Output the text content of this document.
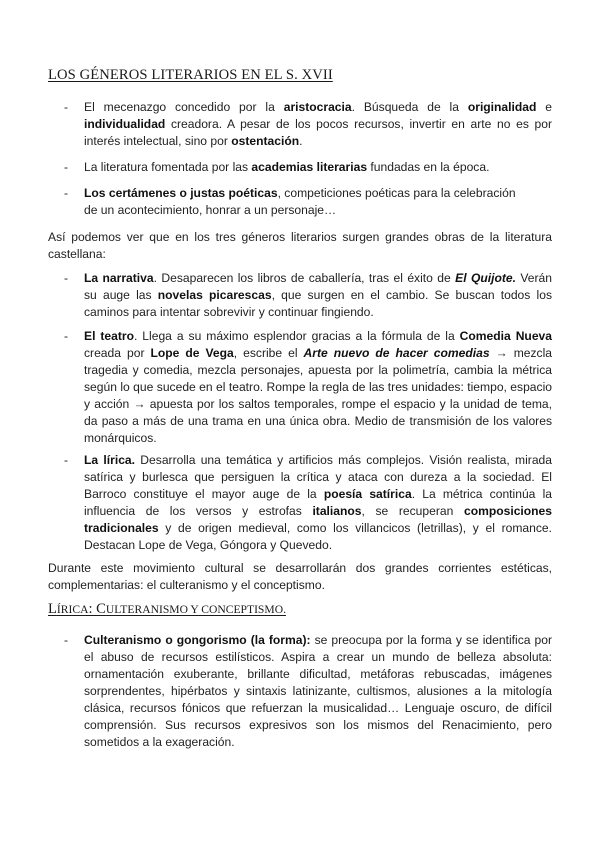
LOS GÉNEROS LITERARIOS EN EL S. XVII
- El mecenazgo concedido por la aristocracia. Búsqueda de la originalidad e individualidad creadora. A pesar de los pocos recursos, invertir en arte no es por interés intelectual, sino por ostentación.
- La literatura fomentada por las academias literarias fundadas en la época.
- Los certámenes o justas poéticas, competiciones poéticas para la celebración
de un acontecimiento, honrar a un personaje…

Así podemos ver que en los tres géneros literarios surgen grandes obras de la literatura castellana:

- La narrativa. Desaparecen los libros de caballería, tras el éxito de El Quijote. Verán su auge las novelas picarescas, que surgen en el cambio. Se buscan todos los caminos para intentar sobrevivir y continuar fingiendo.
- El teatro. Llega a su máximo esplendor gracias a la fórmula de la Comedia Nueva creada por Lope de Vega, escribe el Arte nuevo de hacer comedias → mezcla tragedia y comedia, mezcla personajes, apuesta por la polimetría, cambia la métrica según lo que sucede en el teatro. Rompe la regla de las tres unidades: tiempo, espacio y acción → apuesta por los saltos temporales, rompe el espacio y la unidad de tema, da paso a más de una trama en una única obra. Medio de transmisión de los valores monárquicos.
- La lírica. Desarrolla una temática y artificios más complejos. Visión realista, mirada satírica y burlesca que persiguen la crítica y ataca con dureza a la sociedad. El Barroco constituye el mayor auge de la poesía satírica. La métrica continúa la influencia de los versos y estrofas italianos, se recuperan composiciones tradicionales y de origen medieval, como los villancicos (letrillas), y el romance. Destacan Lope de Vega, Góngora y Quevedo.

Durante este movimiento cultural se desarrollarán dos grandes corrientes estéticas, complementarias: el culteranismo y el conceptismo.

LÍRICA: CULTERANISMO Y CONCEPTISMO.
- Culteranismo o gongorismo (la forma): se preocupa por la forma y se identifica por el abuso de recursos estilísticos. Aspira a crear un mundo de belleza absoluta: ornamentación exuberante, brillante dificultad, metáforas rebuscadas, imágenes sorprendentes, hipérbatos y sintaxis latinizante, cultismos, alusiones a la mitología clásica, recursos fónicos que refuerzan la musicalidad… Lenguaje oscuro, de difícil comprensión. Sus recursos expresivos son los mismos del Renacimiento, pero sometidos a la exageración.
